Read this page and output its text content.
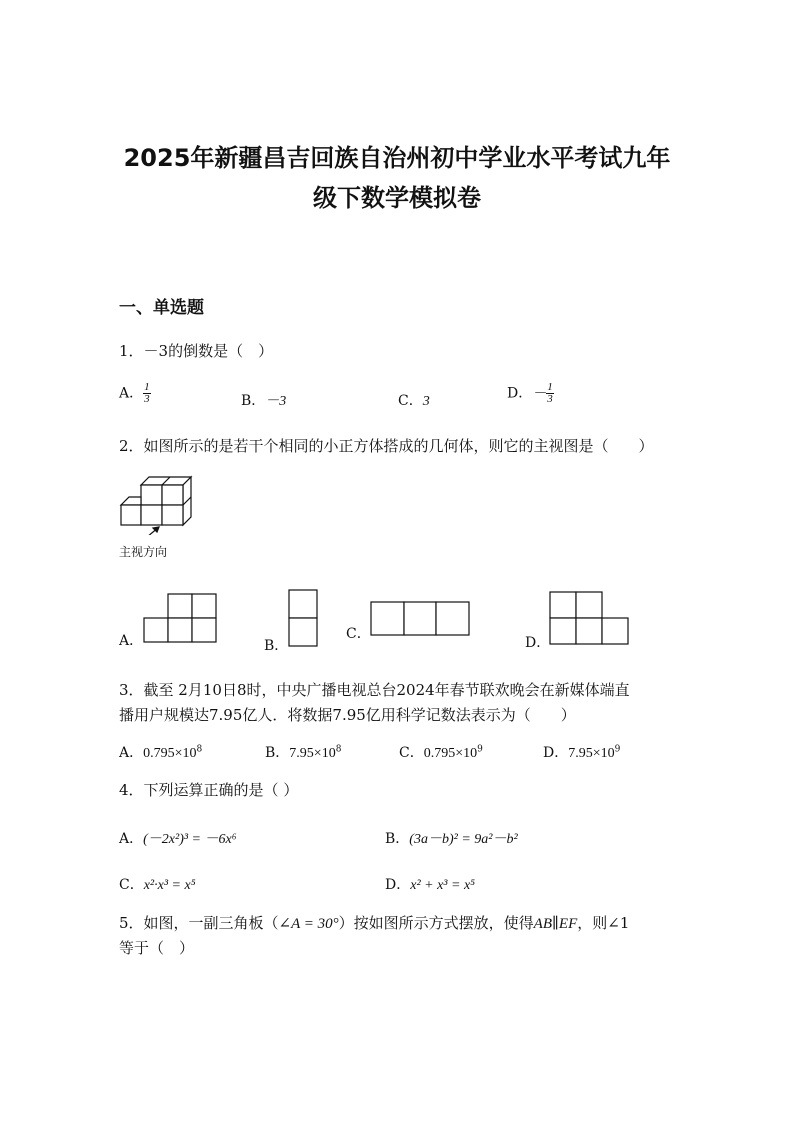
2025年新疆昌吉回族自治州初中学业水平考试九年
级下数学模拟卷
一、单选题
1．－3的倒数是（　）
A． $\frac{1}{3}$	B．－3	C．3	D．－ $\frac{1}{3}$
2．如图所示的是若干个相同的小正方体搭成的几何体，则它的主视图是（　　）
主视方向
A．	B．
C．
D．
3．截至 2月10日8时，中央广播电视总台2024年春节联欢晚会在新媒体端直
播用户规模达7.95亿人．将数据7.95亿用科学记数法表示为（　　）
A．$0.795\times 10^8$	B．$7.95\times 10^8$	C．$0.795\times 10^9$	D．$7.95\times 10^9$
4．下列运算正确的是（ ）
A．(－2x²)³ = －6x⁶	B．(3a－b)² = 9a²－b²
C．x²·x³ = x⁵	D．x² + x³ = x⁵
5．如图，一副三角板（∠A = 30°）按如图所示方式摆放，使得AB∥EF，则∠1
等于（　）
